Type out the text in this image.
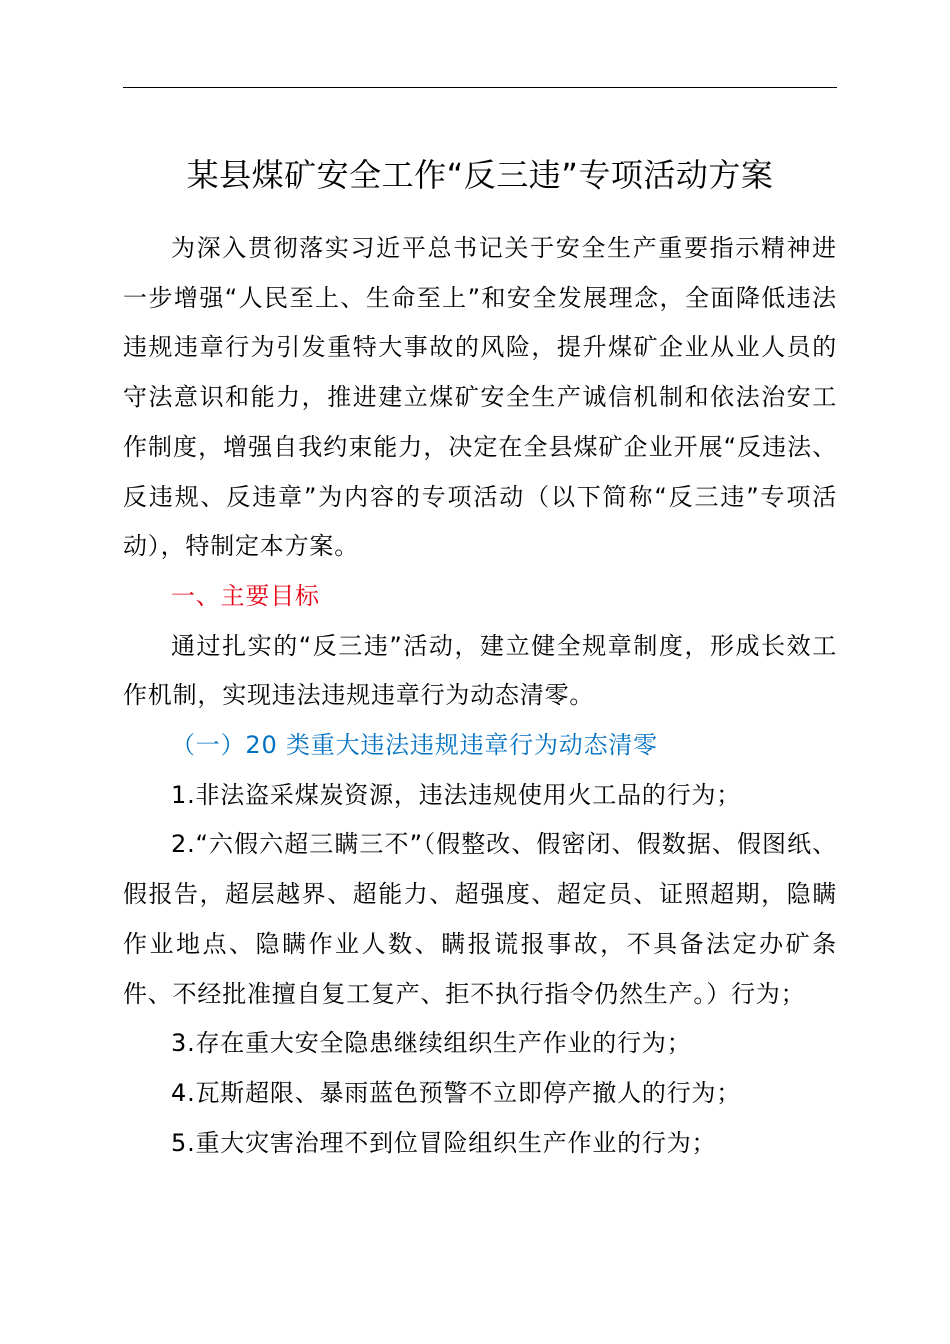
某县煤矿安全工作“反三违”专项活动方案

为深入贯彻落实习近平总书记关于安全生产重要指示精神进一步增强“人民至上、生命至上”和安全发展理念，全面降低违法违规违章行为引发重特大事故的风险，提升煤矿企业从业人员的守法意识和能力，推进建立煤矿安全生产诚信机制和依法治安工作制度，增强自我约束能力，决定在全县煤矿企业开展“反违法、反违规、反违章”为内容的专项活动（以下简称“反三违”专项活动），特制定本方案。

一、主要目标

通过扎实的“反三违”活动，建立健全规章制度，形成长效工作机制，实现违法违规违章行为动态清零。

（一）20 类重大违法违规违章行为动态清零

1.非法盗采煤炭资源，违法违规使用火工品的行为；

2.“六假六超三瞒三不”（假整改、假密闭、假数据、假图纸、假报告，超层越界、超能力、超强度、超定员、证照超期，隐瞒作业地点、隐瞒作业人数、瞒报谎报事故，不具备法定办矿条件、不经批准擅自复工复产、拒不执行指令仍然生产。）行为；

3.存在重大安全隐患继续组织生产作业的行为；

4.瓦斯超限、暴雨蓝色预警不立即停产撤人的行为；

5.重大灾害治理不到位冒险组织生产作业的行为；
